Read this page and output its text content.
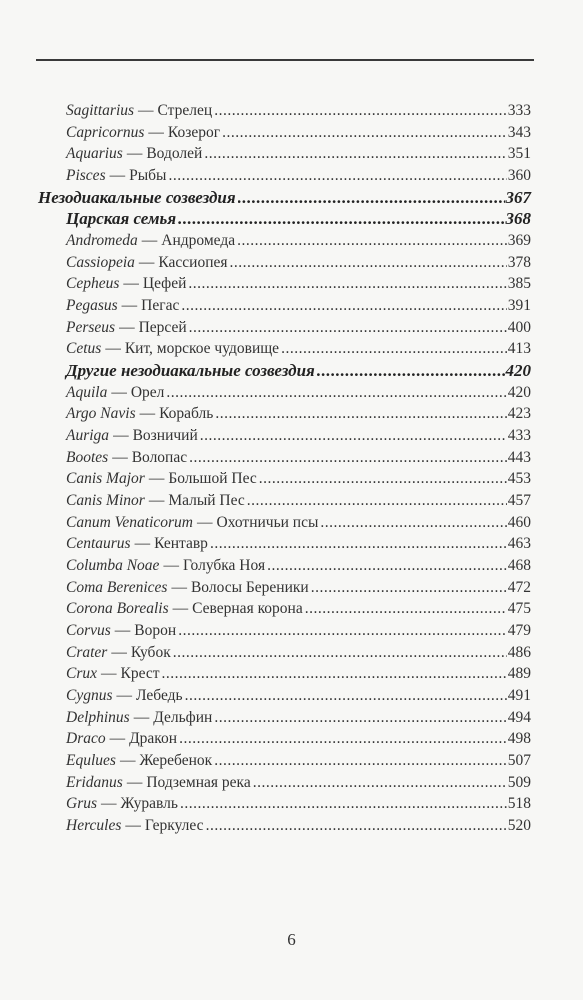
Sagittarius — Стрелец .....	333
Capricornus — Козерог .....	343
Aquarius — Водолей .....	351
Pisces — Рыбы .....	360
Незодиакальные созвездия .....	367
Царская семья .....	368
Andromeda — Андромеда .....	369
Cassiopeia — Кассиопея .....	378
Cepheus — Цефей .....	385
Pegasus — Пегас .....	391
Perseus — Персей .....	400
Cetus — Кит, морское чудовище .....	413
Другие незодиакальные созвездия .....	420
Aquila — Орел .....	420
Argo Navis — Корабль .....	423
Auriga — Возничий .....	433
Bootes — Волопас .....	443
Canis Major — Большой Пес .....	453
Canis Minor — Малый Пес .....	457
Canum Venaticorum — Охотничьи псы .....	460
Centaurus — Кентавр .....	463
Columba Noae — Голубка Ноя .....	468
Coma Berenices — Волосы Береники .....	472
Corona Borealis — Северная корона .....	475
Corvus — Ворон .....	479
Crater — Кубок .....	486
Crux — Крест .....	489
Cygnus — Лебедь .....	491
Delphinus — Дельфин .....	494
Draco — Дракон .....	498
Equlues — Жеребенок .....	507
Eridanus — Подземная река .....	509
Grus — Журавль .....	518
Hercules — Геркулес .....	520
6
